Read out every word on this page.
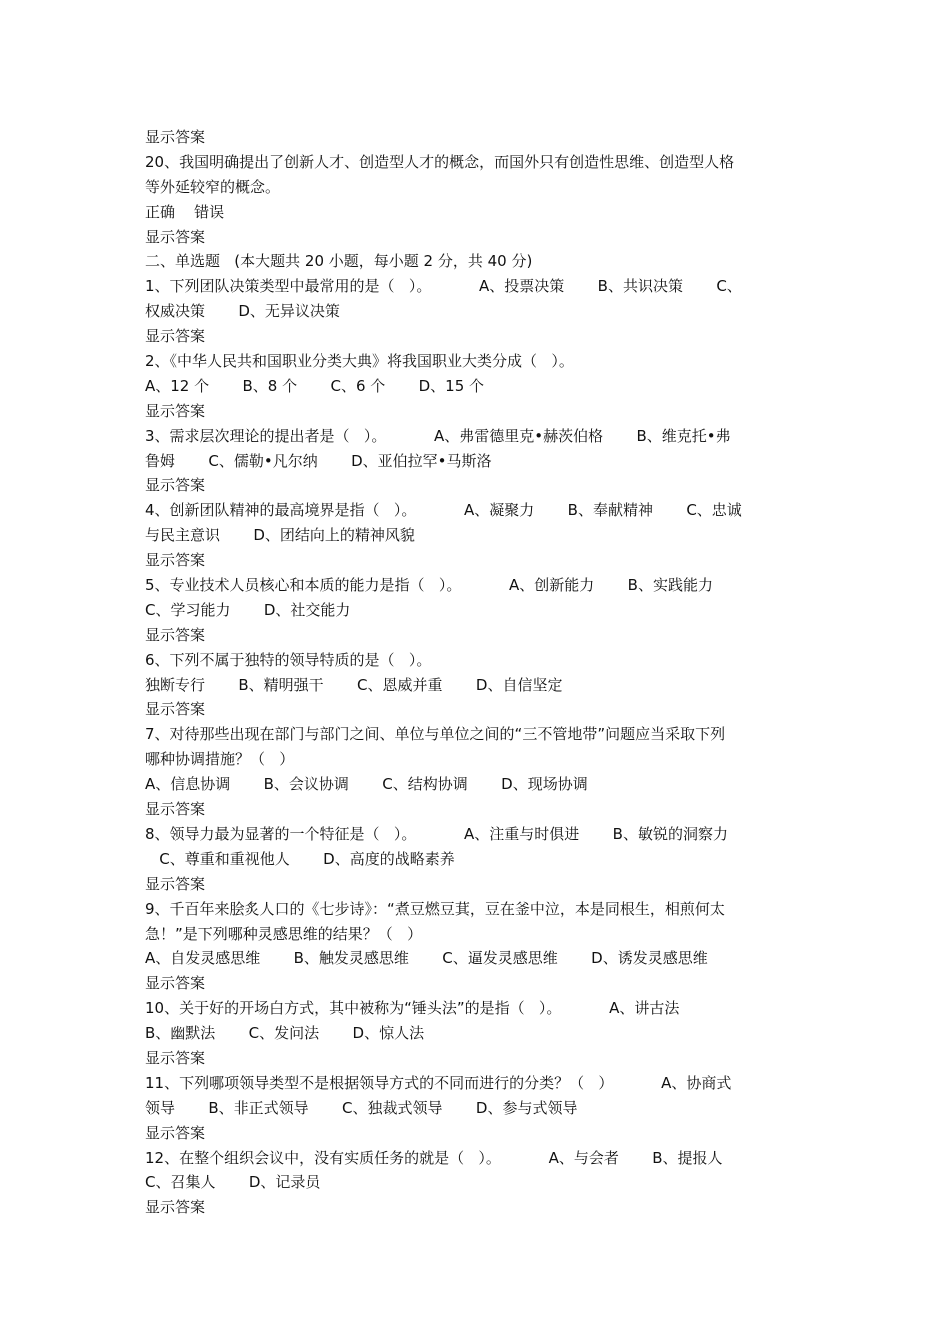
显示答案
20、我国明确提出了创新人才、创造型人才的概念，而国外只有创造性思维、创造型人格
等外延较窄的概念。
正确    错误
显示答案
二、单选题   (本大题共 20 小题，每小题 2 分，共 40 分)
1、下列团队决策类型中最常用的是（   ）。          A、投票决策       B、共识决策       C、
权威决策       D、无异议决策
显示答案
2、《中华人民共和国职业分类大典》将我国职业大类分成（   ）。
A、12 个       B、8 个       C、6 个       D、15 个
显示答案
3、需求层次理论的提出者是（   ）。          A、弗雷德里克•赫茨伯格       B、维克托•弗
鲁姆       C、儒勒•凡尔纳       D、亚伯拉罕•马斯洛
显示答案
4、创新团队精神的最高境界是指（   ）。          A、凝聚力       B、奉献精神       C、忠诚
与民主意识       D、团结向上的精神风貌
显示答案
5、专业技术人员核心和本质的能力是指（   ）。          A、创新能力       B、实践能力
C、学习能力       D、社交能力
显示答案
6、下列不属于独特的领导特质的是（   ）。
独断专行       B、精明强干       C、恩威并重       D、自信坚定
显示答案
7、对待那些出现在部门与部门之间、单位与单位之间的“三不管地带”问题应当采取下列
哪种协调措施？（   ）
A、信息协调       B、会议协调       C、结构协调       D、现场协调
显示答案
8、领导力最为显著的一个特征是（   ）。          A、注重与时俱进       B、敏锐的洞察力
C、尊重和重视他人       D、高度的战略素养
显示答案
9、千百年来脍炙人口的《七步诗》：“煮豆燃豆萁，豆在釜中泣，本是同根生，相煎何太
急！”是下列哪种灵感思维的结果？（   ）
A、自发灵感思维       B、触发灵感思维       C、逼发灵感思维       D、诱发灵感思维
显示答案
10、关于好的开场白方式，其中被称为“锤头法”的是指（   ）。          A、讲古法
B、幽默法       C、发问法       D、惊人法
显示答案
11、下列哪项领导类型不是根据领导方式的不同而进行的分类？（   ）          A、协商式
领导       B、非正式领导       C、独裁式领导       D、参与式领导
显示答案
12、在整个组织会议中，没有实质任务的就是（   ）。          A、与会者       B、提报人
C、召集人       D、记录员
显示答案
